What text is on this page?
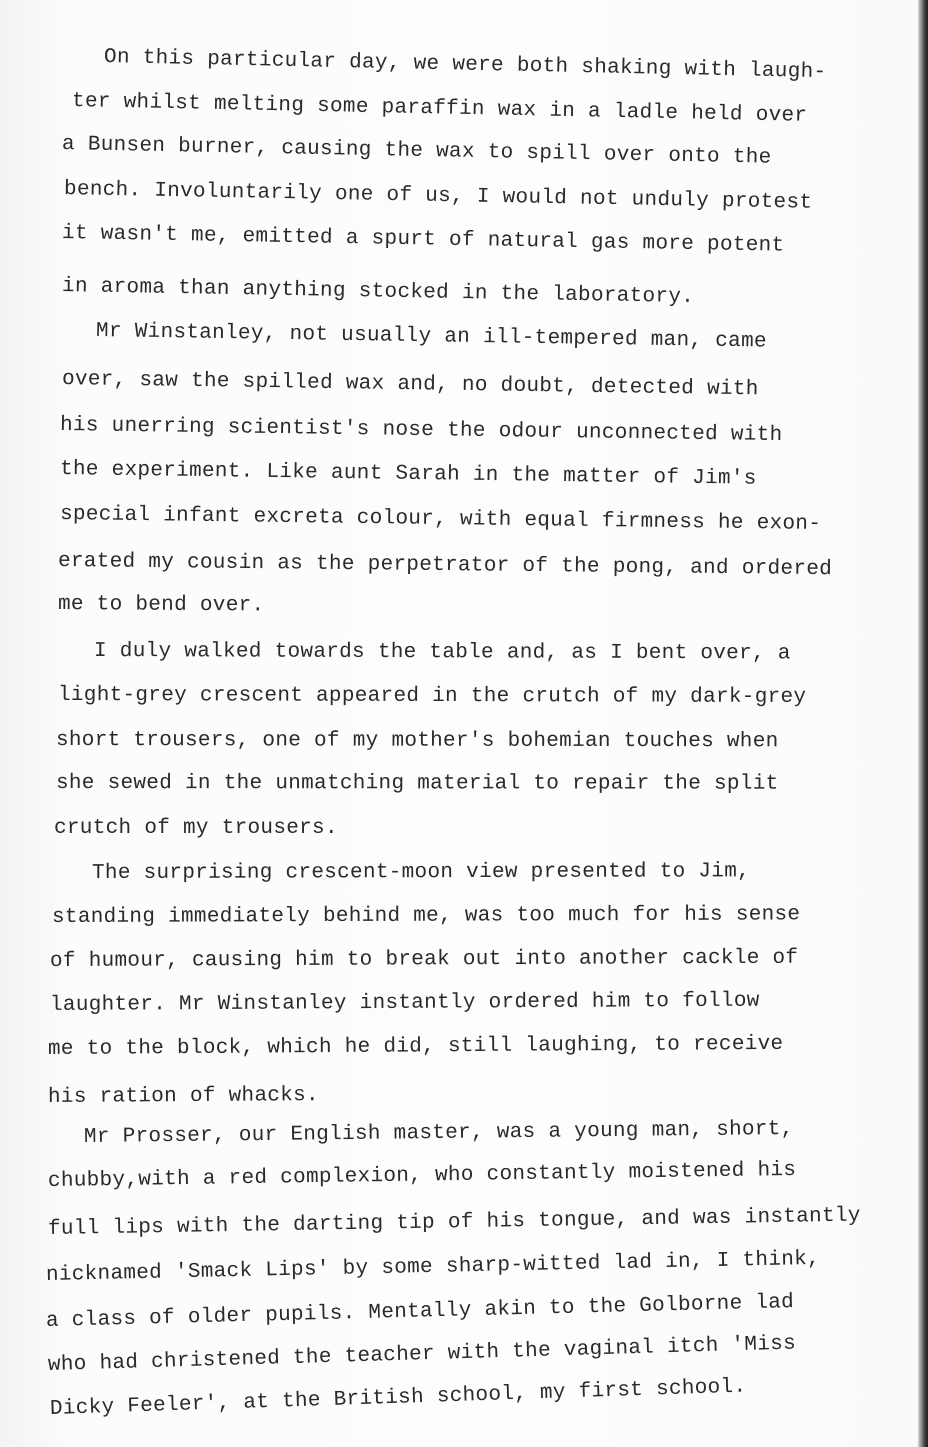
On this particular day, we were both shaking with laugh-
ter whilst melting some paraffin wax in a ladle held over
a Bunsen burner, causing the wax to spill over onto the
bench. Involuntarily one of us, I would not unduly protest
it wasn't me, emitted a spurt of natural gas more potent
in aroma than anything stocked in the laboratory.
Mr Winstanley, not usually an ill-tempered man, came
over, saw the spilled wax and, no doubt, detected with
his unerring scientist's nose the odour unconnected with
the experiment. Like aunt Sarah in the matter of Jim's
special infant excreta colour, with equal firmness he exon-
erated my cousin as the perpetrator of the pong, and ordered
me to bend over.
I duly walked towards the table and, as I bent over, a
light-grey crescent appeared in the crutch of my dark-grey
short trousers, one of my mother's bohemian touches when
she sewed in the unmatching material to repair the split
crutch of my trousers.
The surprising crescent-moon view presented to Jim,
standing immediately behind me, was too much for his sense
of humour, causing him to break out into another cackle of
laughter. Mr Winstanley instantly ordered him to follow
me to the block, which he did, still laughing, to receive
his ration of whacks.
Mr Prosser, our English master, was a young man, short,
chubby,with a red complexion, who constantly moistened his
full lips with the darting tip of his tongue, and was instantly
nicknamed 'Smack Lips' by some sharp-witted lad in, I think,
a class of older pupils. Mentally akin to the Golborne lad
who had christened the teacher with the vaginal itch 'Miss
Dicky Feeler', at the British school, my first school.
